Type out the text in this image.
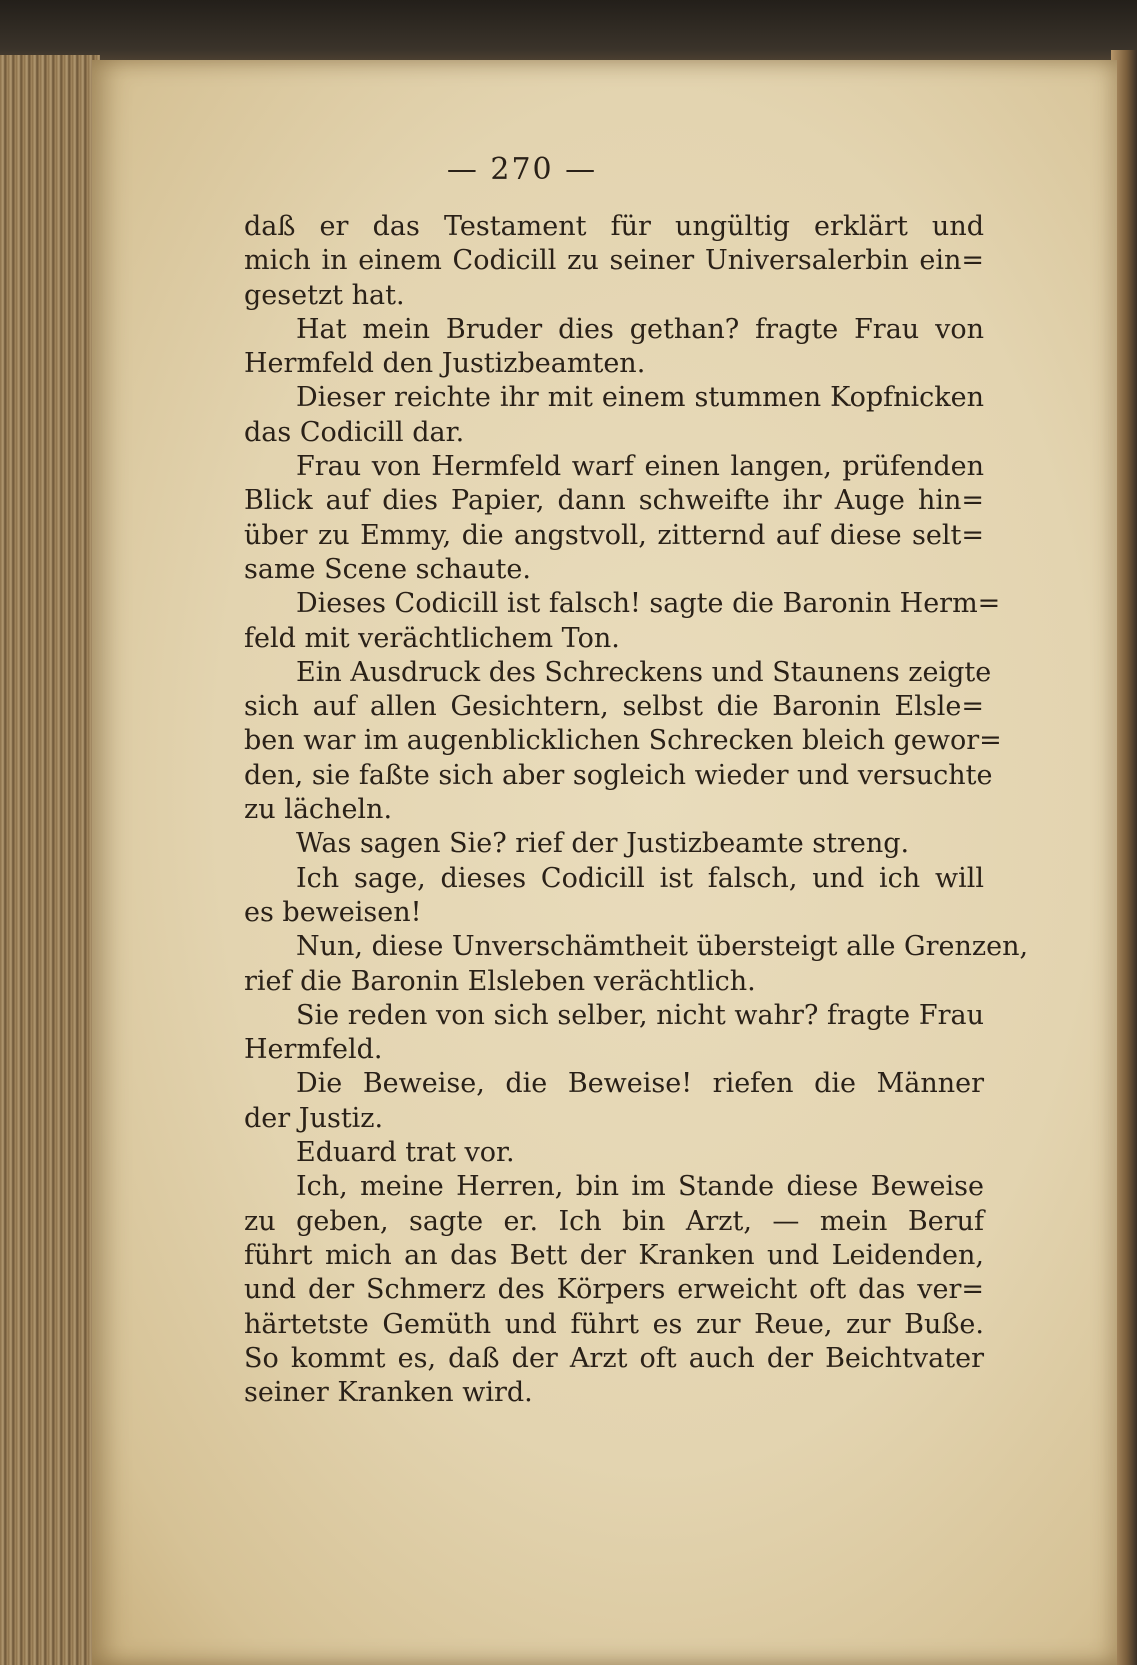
— 270 —
daß er das Testament für ungültig erklärt und
mich in einem Codicill zu seiner Universalerbin ein=
gesetzt hat.
Hat mein Bruder dies gethan? fragte Frau von
Hermfeld den Justizbeamten.
Dieser reichte ihr mit einem stummen Kopfnicken
das Codicill dar.
Frau von Hermfeld warf einen langen, prüfenden
Blick auf dies Papier, dann schweifte ihr Auge hin=
über zu Emmy, die angstvoll, zitternd auf diese selt=
same Scene schaute.
Dieses Codicill ist falsch! sagte die Baronin Herm=
feld mit verächtlichem Ton.
Ein Ausdruck des Schreckens und Staunens zeigte
sich auf allen Gesichtern, selbst die Baronin Elsle=
ben war im augenblicklichen Schrecken bleich gewor=
den, sie faßte sich aber sogleich wieder und versuchte
zu lächeln.
Was sagen Sie? rief der Justizbeamte streng.
Ich sage, dieses Codicill ist falsch, und ich will
es beweisen!
Nun, diese Unverschämtheit übersteigt alle Grenzen,
rief die Baronin Elsleben verächtlich.
Sie reden von sich selber, nicht wahr? fragte Frau
Hermfeld.
Die Beweise, die Beweise! riefen die Männer
der Justiz.
Eduard trat vor.
Ich, meine Herren, bin im Stande diese Beweise
zu geben, sagte er. Ich bin Arzt, — mein Beruf
führt mich an das Bett der Kranken und Leidenden,
und der Schmerz des Körpers erweicht oft das ver=
härtetste Gemüth und führt es zur Reue, zur Buße.
So kommt es, daß der Arzt oft auch der Beichtvater
seiner Kranken wird.
